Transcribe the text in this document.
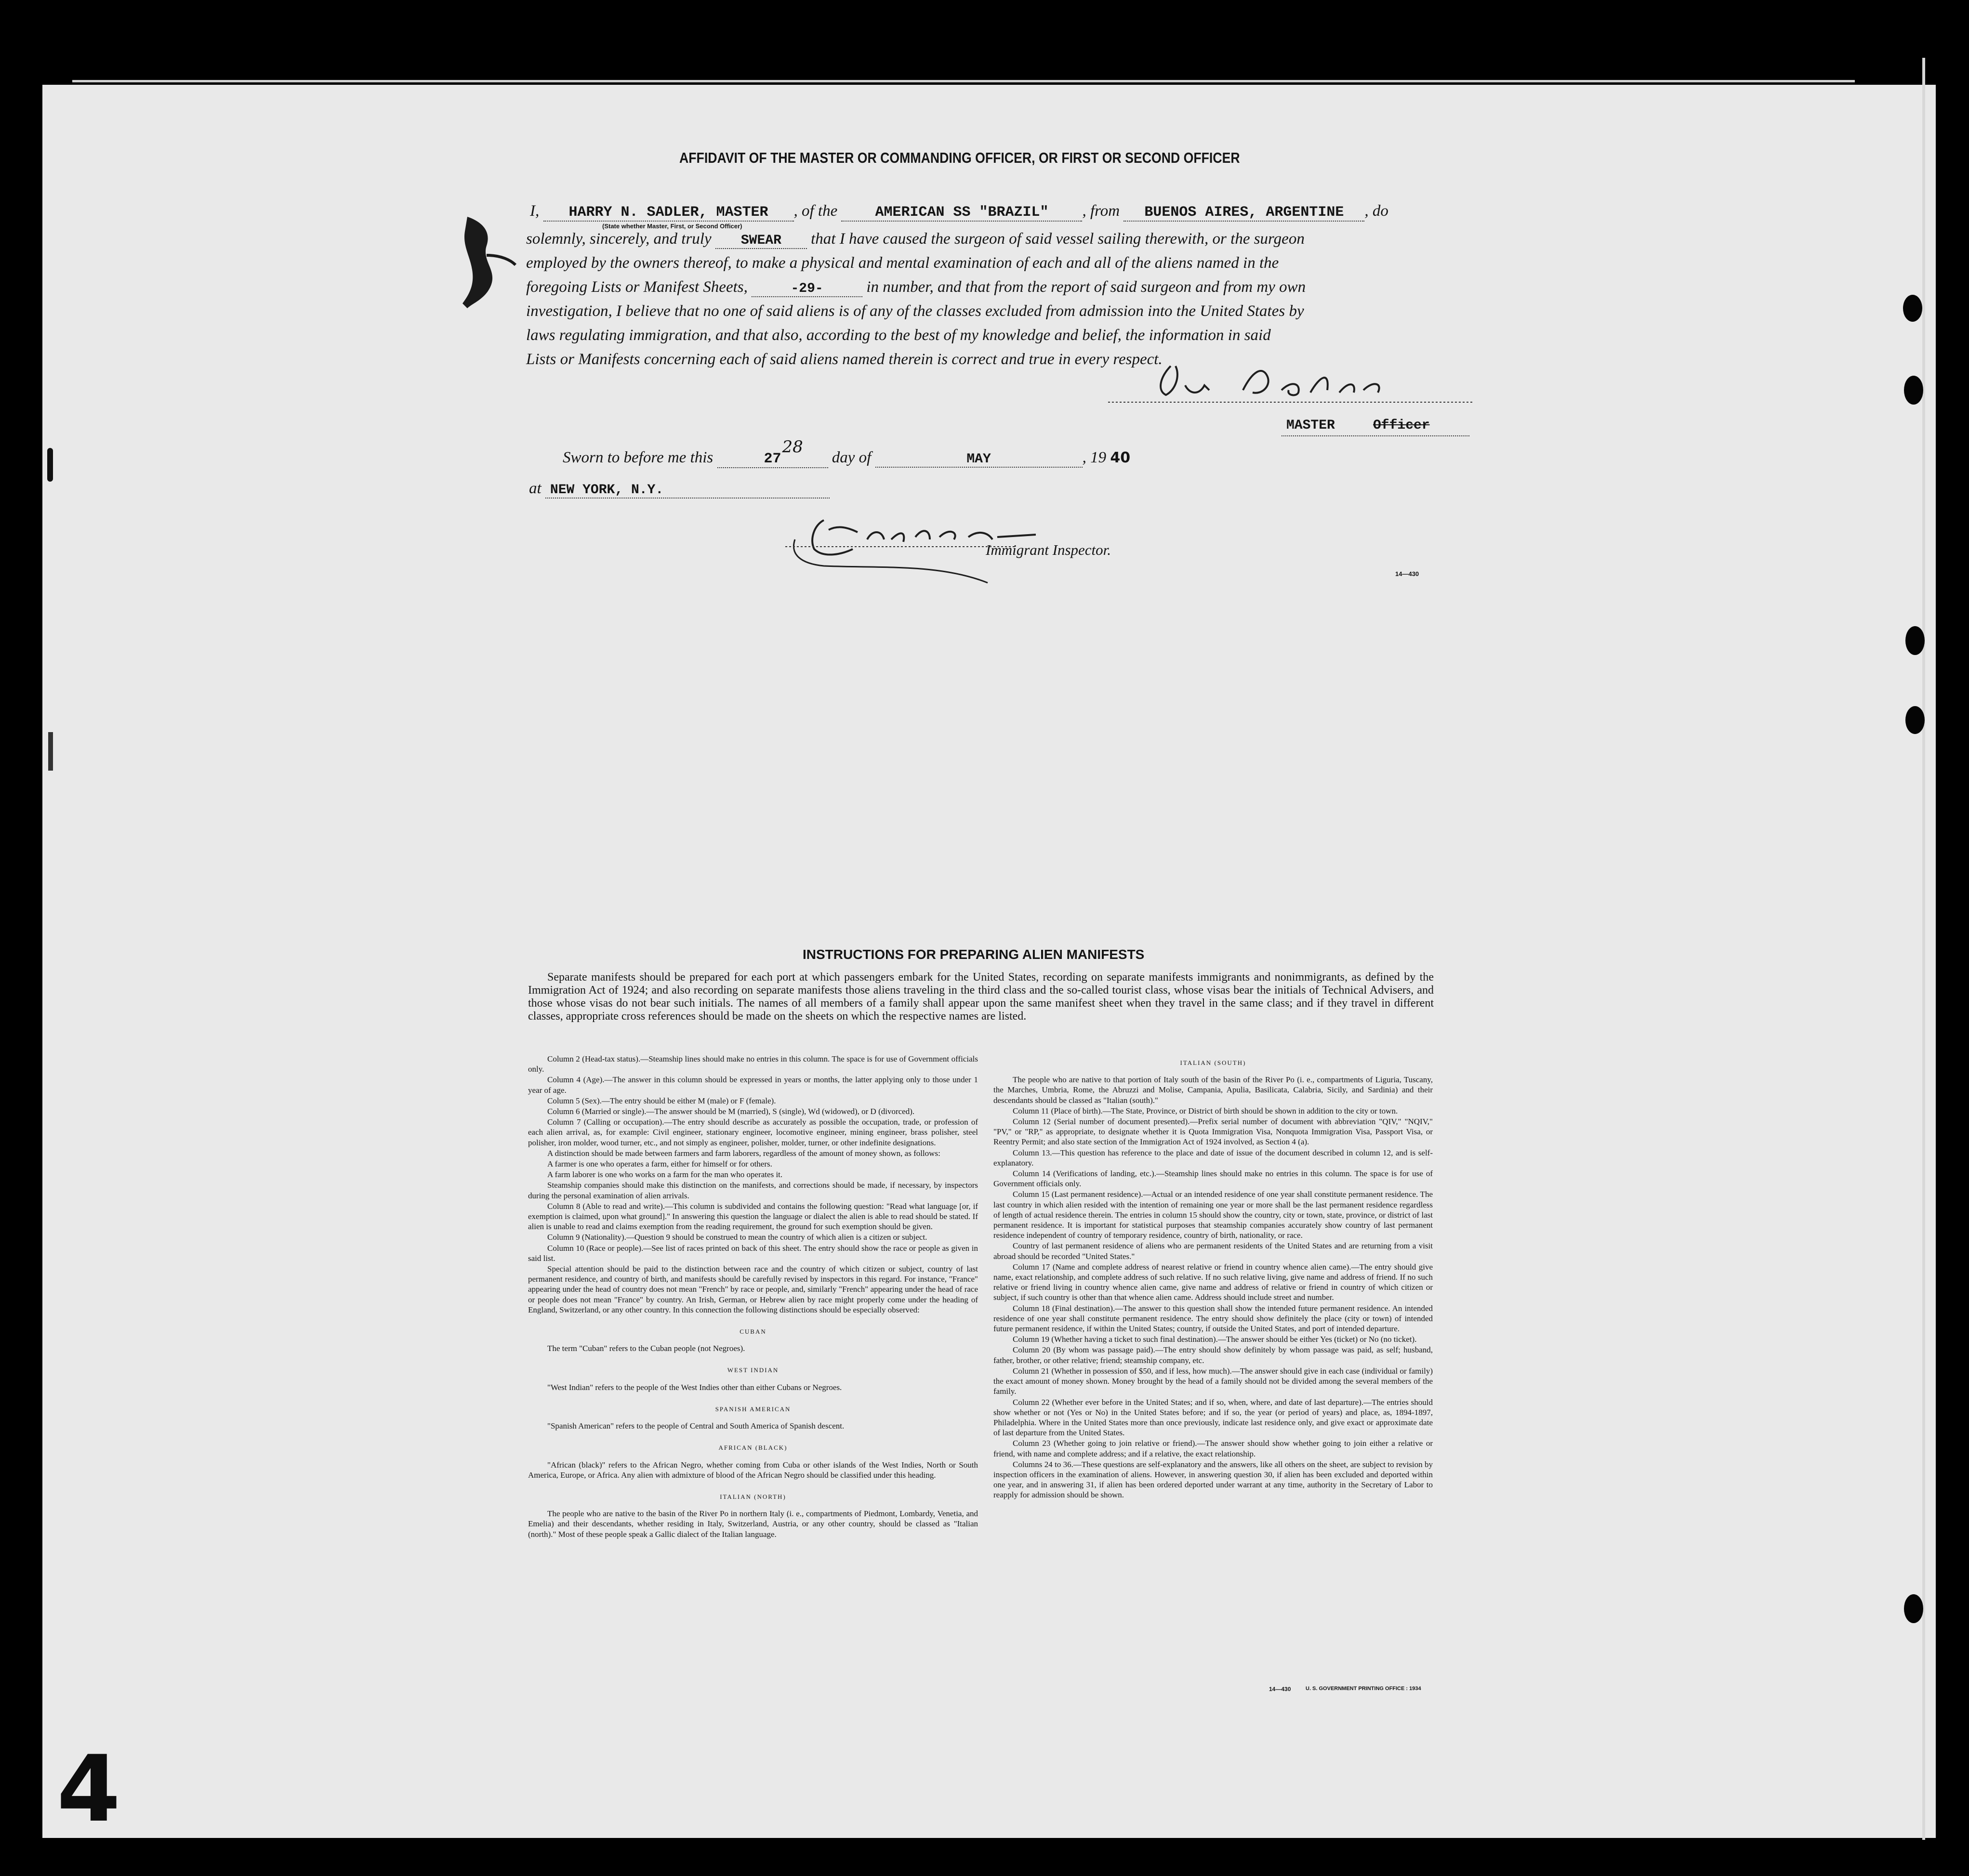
AFFIDAVIT OF THE MASTER OR COMMANDING OFFICER, OR FIRST OR SECOND OFFICER
I, HARRY N. SADLER, MASTER , of the	AMERICAN SS "BRAZIL" , from BUENOS AIRES, ARGENTINE , do
(State whether Master, First, or Second Officer)
solemnly, sincerely, and truly SWEAR that I have caused the surgeon of said vessel sailing therewith, or the surgeon
employed by the owners thereof, to make a physical and mental examination of each and all of the aliens named in the
foregoing Lists or Manifest Sheets,	-29-	in number, and that from the report of said surgeon and from my own
investigation, I believe that no one of said aliens is of any of the classes excluded from admission into the United States by
laws regulating immigration, and that also, according to the best of my knowledge and belief, the information in said
Lists or Manifests concerning each of said aliens named therein is correct and true in every respect.
MASTER	Officer
Sworn to before me this	27
28
day of	MAY	, 19 40
at NEW YORK, N.Y.
Immigrant Inspector.
14—430
INSTRUCTIONS FOR PREPARING ALIEN MANIFESTS
Separate manifests should be prepared for each port at which passengers embark for the United States, recording on separate manifests immigrants and nonimmigrants, as defined by the Immigration Act of 1924; and also recording on separate manifests those aliens traveling in the third class and the so-called tourist class, whose visas bear the initials of Technical Advisers, and those whose visas do not bear such initials. The names of all members of a family shall appear upon the same manifest sheet when they travel in the same class; and if they travel in different classes, appropriate cross references should be made on the sheets on which the respective names are listed.

Column 2 (Head-tax status).—Steamship lines should make no entries in this column. The space is for use of Government officials only.

Column 4 (Age).—The answer in this column should be expressed in years or months, the latter applying only to those under 1 year of age.

Column 5 (Sex).—The entry should be either M (male) or F (female).

Column 6 (Married or single).—The answer should be M (married), S (single), Wd (widowed), or D (divorced).

Column 7 (Calling or occupation).—The entry should describe as accurately as possible the occupation, trade, or profession of each alien arrival, as, for example: Civil engineer, stationary engineer, locomotive engineer, mining engineer, brass polisher, steel polisher, iron molder, wood turner, etc., and not simply as engineer, polisher, molder, turner, or other indefinite designations.

A distinction should be made between farmers and farm laborers, regardless of the amount of money shown, as follows:

A farmer is one who operates a farm, either for himself or for others.

A farm laborer is one who works on a farm for the man who operates it.

Steamship companies should make this distinction on the manifests, and corrections should be made, if necessary, by inspectors during the personal examination of alien arrivals.

Column 8 (Able to read and write).—This column is subdivided and contains the following question: "Read what language [or, if exemption is claimed, upon what ground]." In answering this question the language or dialect the alien is able to read should be stated. If alien is unable to read and claims exemption from the reading requirement, the ground for such exemption should be given.

Column 9 (Nationality).—Question 9 should be construed to mean the country of which alien is a citizen or subject.

Column 10 (Race or people).—See list of races printed on back of this sheet. The entry should show the race or people as given in said list.

Special attention should be paid to the distinction between race and the country of which citizen or subject, country of last permanent residence, and country of birth, and manifests should be carefully revised by inspectors in this regard. For instance, "France" appearing under the head of country does not mean "French" by race or people, and, similarly "French" appearing under the head of race or people does not mean "France" by country. An Irish, German, or Hebrew alien by race might properly come under the heading of England, Switzerland, or any other country. In this connection the following distinctions should be especially observed:

CUBAN

The term "Cuban" refers to the Cuban people (not Negroes).

WEST INDIAN

"West Indian" refers to the people of the West Indies other than either Cubans or Negroes.

SPANISH AMERICAN

"Spanish American" refers to the people of Central and South America of Spanish descent.

AFRICAN (BLACK)

"African (black)" refers to the African Negro, whether coming from Cuba or other islands of the West Indies, North or South America, Europe, or Africa. Any alien with admixture of blood of the African Negro should be classified under this heading.

ITALIAN (NORTH)

The people who are native to the basin of the River Po in northern Italy (i. e., compartments of Piedmont, Lombardy, Venetia, and Emelia) and their descendants, whether residing in Italy, Switzerland, Austria, or any other country, should be classed as "Italian (north)." Most of these people speak a Gallic dialect of the Italian language.

ITALIAN (SOUTH)

The people who are native to that portion of Italy south of the basin of the River Po (i. e., compartments of Liguria, Tuscany, the Marches, Umbria, Rome, the Abruzzi and Molise, Campania, Apulia, Basilicata, Calabria, Sicily, and Sardinia) and their descendants should be classed as "Italian (south)."

Column 11 (Place of birth).—The State, Province, or District of birth should be shown in addition to the city or town.

Column 12 (Serial number of document presented).—Prefix serial number of document with abbreviation "QIV," "NQIV," "PV," or "RP," as appropriate, to designate whether it is Quota Immigration Visa, Nonquota Immigration Visa, Passport Visa, or Reentry Permit; and also state section of the Immigration Act of 1924 involved, as Section 4 (a).

Column 13.—This question has reference to the place and date of issue of the document described in column 12, and is self-explanatory.

Column 14 (Verifications of landing, etc.).—Steamship lines should make no entries in this column. The space is for use of Government officials only.

Column 15 (Last permanent residence).—Actual or an intended residence of one year shall constitute permanent residence. The last country in which alien resided with the intention of remaining one year or more shall be the last permanent residence regardless of length of actual residence therein. The entries in column 15 should show the country, city or town, state, province, or district of last permanent residence. It is important for statistical purposes that steamship companies accurately show country of last permanent residence independent of country of temporary residence, country of birth, nationality, or race.

Country of last permanent residence of aliens who are permanent residents of the United States and are returning from a visit abroad should be recorded "United States."

Column 17 (Name and complete address of nearest relative or friend in country whence alien came).—The entry should give name, exact relationship, and complete address of such relative. If no such relative living, give name and address of friend. If no such relative or friend living in country whence alien came, give name and address of relative or friend in country of which citizen or subject, if such country is other than that whence alien came. Address should include street and number.

Column 18 (Final destination).—The answer to this question shall show the intended future permanent residence. An intended residence of one year shall constitute permanent residence. The entry should show definitely the place (city or town) of intended future permanent residence, if within the United States; country, if outside the United States, and port of intended departure.

Column 19 (Whether having a ticket to such final destination).—The answer should be either Yes (ticket) or No (no ticket).

Column 20 (By whom was passage paid).—The entry should show definitely by whom passage was paid, as self; husband, father, brother, or other relative; friend; steamship company, etc.

Column 21 (Whether in possession of $50, and if less, how much).—The answer should give in each case (individual or family) the exact amount of money shown. Money brought by the head of a family should not be divided among the several members of the family.

Column 22 (Whether ever before in the United States; and if so, when, where, and date of last departure).—The entries should show whether or not (Yes or No) in the United States before; and if so, the year (or period of years) and place, as, 1894-1897, Philadelphia. Where in the United States more than once previously, indicate last residence only, and give exact or approximate date of last departure from the United States.

Column 23 (Whether going to join relative or friend).—The answer should show whether going to join either a relative or friend, with name and complete address; and if a relative, the exact relationship.

Columns 24 to 36.—These questions are self-explanatory and the answers, like all others on the sheet, are subject to revision by inspection officers in the examination of aliens. However, in answering question 30, if alien has been excluded and deported within one year, and in answering 31, if alien has been ordered deported under warrant at any time, authority in the Secretary of Labor to reapply for admission should be shown.

14—430	U. S. GOVERNMENT PRINTING OFFICE : 1934
4
